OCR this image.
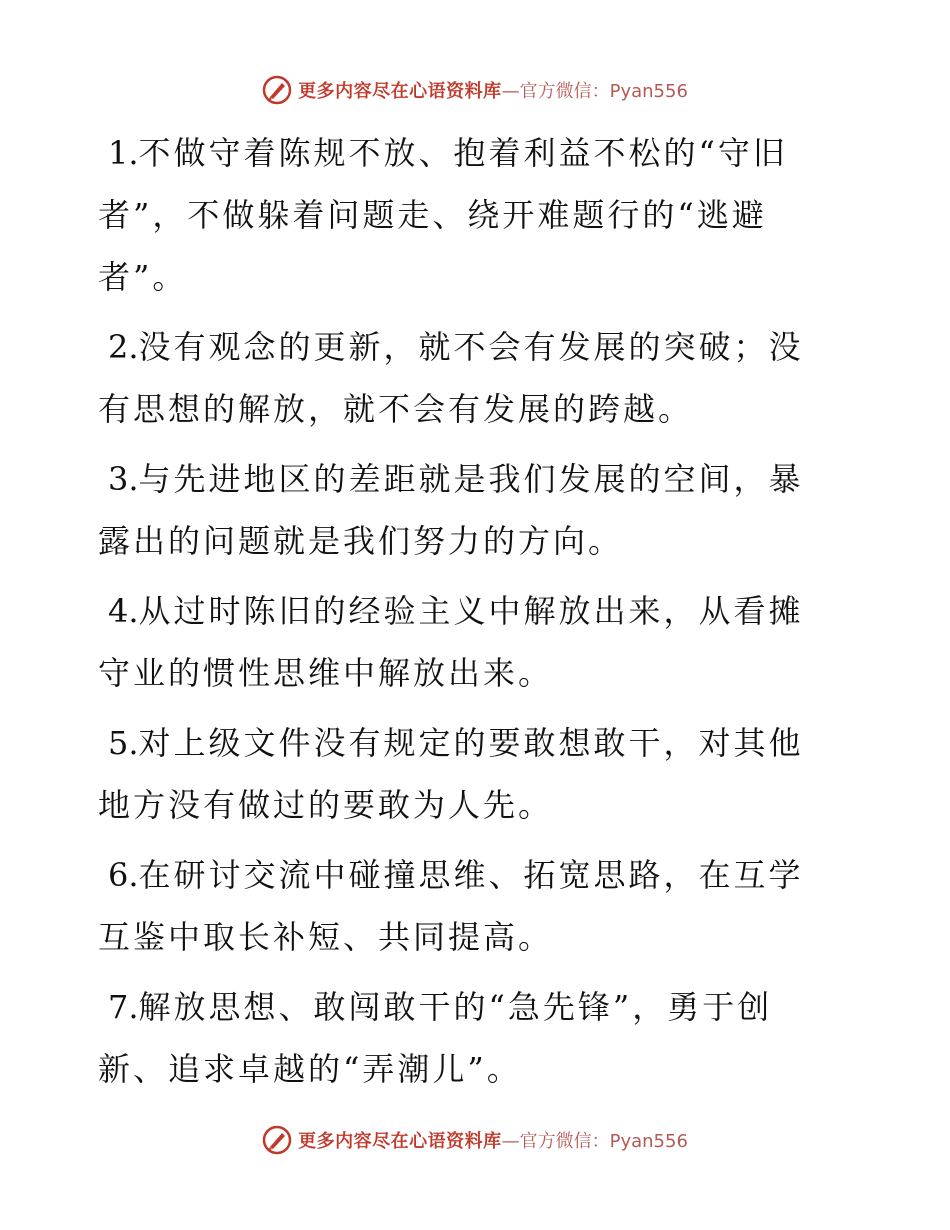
更多内容尽在心语资料库 —官方微信：Pyan556

1.不做守着陈规不放、抱着利益不松的“守旧者”，不做躲着问题走、绕开难题行的“逃避者”。

2.没有观念的更新，就不会有发展的突破；没有思想的解放，就不会有发展的跨越。

3.与先进地区的差距就是我们发展的空间，暴露出的问题就是我们努力的方向。

4.从过时陈旧的经验主义中解放出来，从看摊守业的惯性思维中解放出来。

5.对上级文件没有规定的要敢想敢干，对其他地方没有做过的要敢为人先。

6.在研讨交流中碰撞思维、拓宽思路，在互学互鉴中取长补短、共同提高。

7.解放思想、敢闯敢干的“急先锋”，勇于创新、追求卓越的“弄潮儿”。

更多内容尽在心语资料库 —官方微信：Pyan556
